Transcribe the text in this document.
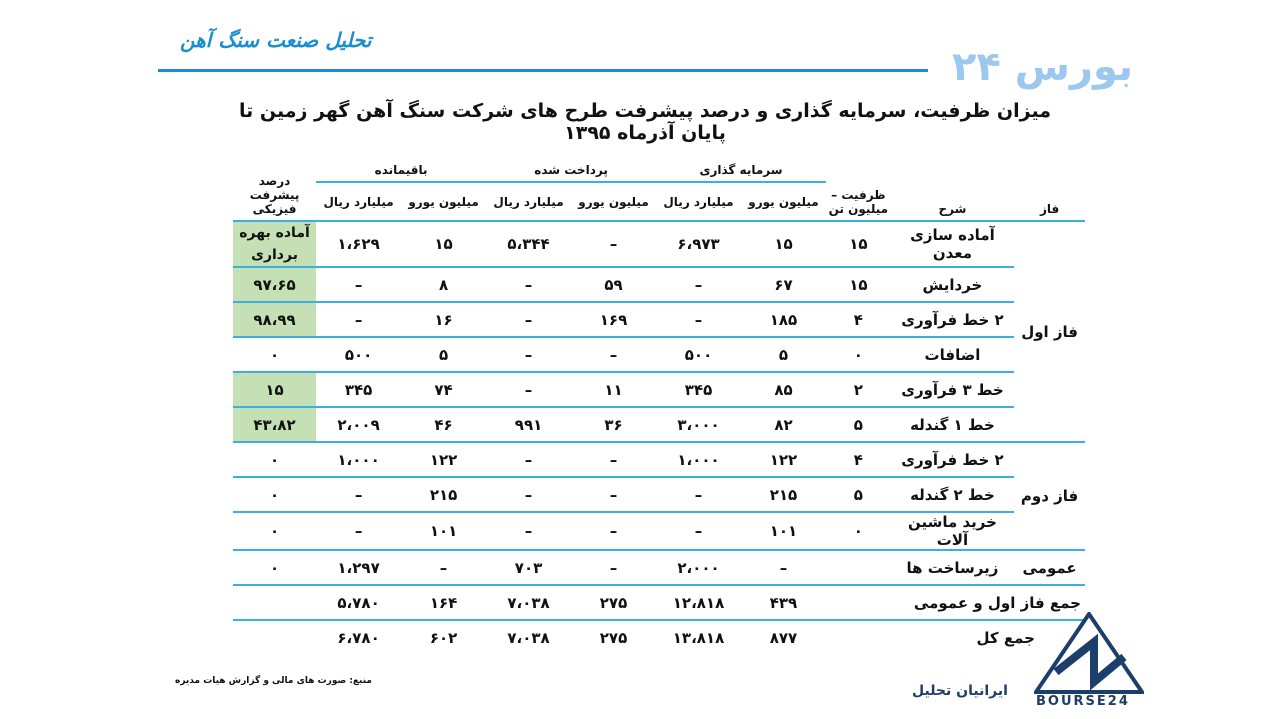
تحلیل صنعت سنگ آهن
بورس ۲۴
میزان ظرفیت، سرمایه گذاری و درصد پیشرفت طرح های شرکت سنگ آهن گهر زمین تا پایان آذرماه ۱۳۹۵
فاز	شرح	ظرفیت – میلیون تن	سرمایه گذاری		پرداخت شده		باقیمانده		درصد پیشرفت فیزیکی
			میلیون یورو	میلیارد ریال	میلیون یورو	میلیارد ریال	میلیون یورو	میلیارد ریال	
فاز اول	آماده سازی معدن	۱۵	۱۵	۶،۹۷۳	–	۵،۳۴۴	۱۵	۱،۶۲۹	آماده بهره برداری
	خردایش	۱۵	۶۷	–	۵۹	–	۸	–	۹۷،۶۵
	۲ خط فرآوری	۴	۱۸۵	–	۱۶۹	–	۱۶	–	۹۸،۹۹
	اضافات	۰	۵	۵۰۰	–	–	۵	۵۰۰	۰
	خط ۳ فرآوری	۲	۸۵	۳۴۵	۱۱	–	۷۴	۳۴۵	۱۵
	خط ۱ گندله	۵	۸۲	۳،۰۰۰	۳۶	۹۹۱	۴۶	۲،۰۰۹	۴۳،۸۲
فاز دوم	۲ خط فرآوری	۴	۱۲۲	۱،۰۰۰	–	–	۱۲۲	۱،۰۰۰	۰
	خط ۲ گندله	۵	۲۱۵	–	–	–	۲۱۵	–	۰
	خرید ماشین آلات	۰	۱۰۱	–	–	–	۱۰۱	–	۰
عمومی	زیرساخت ها		–	۲،۰۰۰	–	۷۰۳	–	۱،۲۹۷	۰
جمع فاز اول و عمومی			۴۳۹	۱۲،۸۱۸	۲۷۵	۷،۰۳۸	۱۶۴	۵،۷۸۰	
جمع کل			۸۷۷	۱۳،۸۱۸	۲۷۵	۷،۰۳۸	۶۰۲	۶،۷۸۰	
منبع: صورت های مالی و گزارش هیات مدیره
ایرانیان تحلیل
BOURSE24
